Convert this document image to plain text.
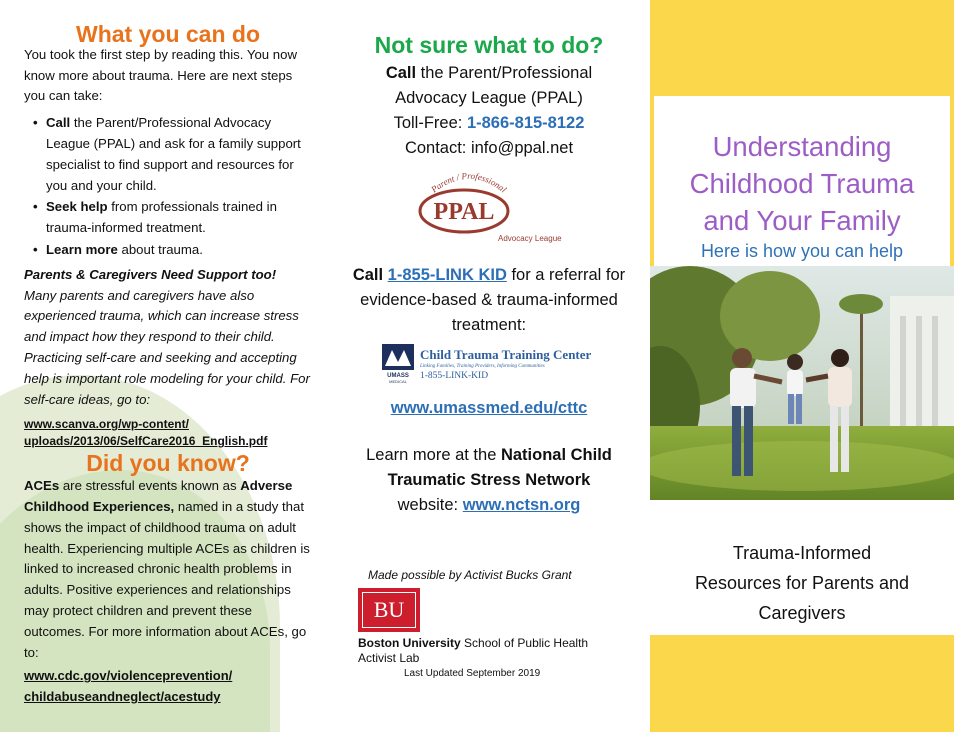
What you can do

You took the first step by reading this. You now know more about trauma. Here are next steps you can take:

• Call the Parent/Professional Advocacy League (PPAL) and ask for a family support specialist to find support and resources for you and your child.
• Seek help from professionals trained in trauma-informed treatment.
• Learn more about trauma.

Parents & Caregivers Need Support too!

Many parents and caregivers have also experienced trauma, which can increase stress and impact how they respond to their child. Practicing self-care and seeking and accepting help is important role modeling for your child. For self-care ideas, go to:

www.scanva.org/wp-content/
uploads/2013/06/SelfCare2016_English.pdf
Did you know?

ACEs are stressful events known as Adverse Childhood Experiences, named in a study that shows the impact of childhood trauma on adult health. Experiencing multiple ACEs as children is linked to increased chronic health problems in adults. Positive experiences and relationships may protect children and prevent these outcomes. For more information about ACEs, go to:

www.cdc.gov/violenceprevention/
childabuseandneglect/acestudy
Not sure what to do?

Call the Parent/Professional Advocacy League (PPAL)

Toll-Free: 1-866-815-8122

Contact: info@ppal.net

PPAL
Parent / Professional
Advocacy League

Call 1-855-LINK KID for a referral for evidence-based & trauma-informed treatment:

UMASS
MEDICAL
Child Trauma Training Center
Linking Families, Training Providers, Informing Communities
1-855-LINK-KID

www.umassmed.edu/cttc

Learn more at the National Child Traumatic Stress Network

website: www.nctsn.org

Made possible by Activist Bucks Grant

BU

Boston University School of Public Health
Activist Lab

Last Updated September 2019

Understanding
Childhood Trauma
and Your Family
Here is how you can help
Trauma-Informed
Resources for Parents and
Caregivers
